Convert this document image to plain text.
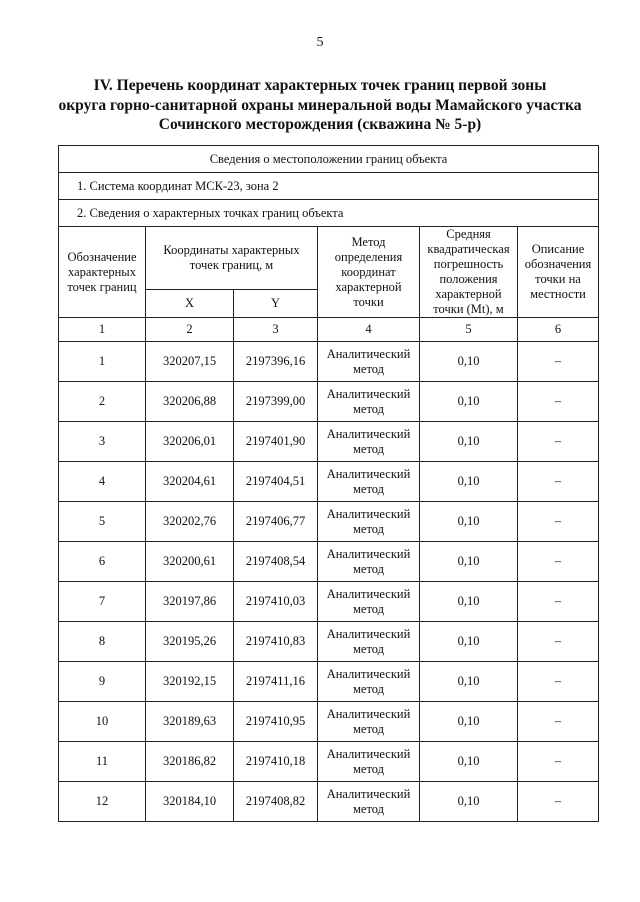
5
IV. Перечень координат характерных точек границ первой зоны
округа горно-санитарной охраны минеральной воды Мамайского участка
Сочинского месторождения (скважина № 5-р)
Сведения о местоположении границ объекта					
1. Система координат МСК-23, зона 2					
2. Сведения о характерных точках границ объекта					
Обозначение характерных точек границ	Координаты характерных точек границ, м		Метод определения координат характерной точки	Средняя квадратическая погрешность положения характерной точки (Mt), м	Описание обозначения точки на местности
	X	Y			
1	2	3	4	5	6
1	320207,15	2197396,16	Аналитический метод	0,10	–
2	320206,88	2197399,00	Аналитический метод	0,10	–
3	320206,01	2197401,90	Аналитический метод	0,10	–
4	320204,61	2197404,51	Аналитический метод	0,10	–
5	320202,76	2197406,77	Аналитический метод	0,10	–
6	320200,61	2197408,54	Аналитический метод	0,10	–
7	320197,86	2197410,03	Аналитический метод	0,10	–
8	320195,26	2197410,83	Аналитический метод	0,10	–
9	320192,15	2197411,16	Аналитический метод	0,10	–
10	320189,63	2197410,95	Аналитический метод	0,10	–
11	320186,82	2197410,18	Аналитический метод	0,10	–
12	320184,10	2197408,82	Аналитический метод	0,10	–
